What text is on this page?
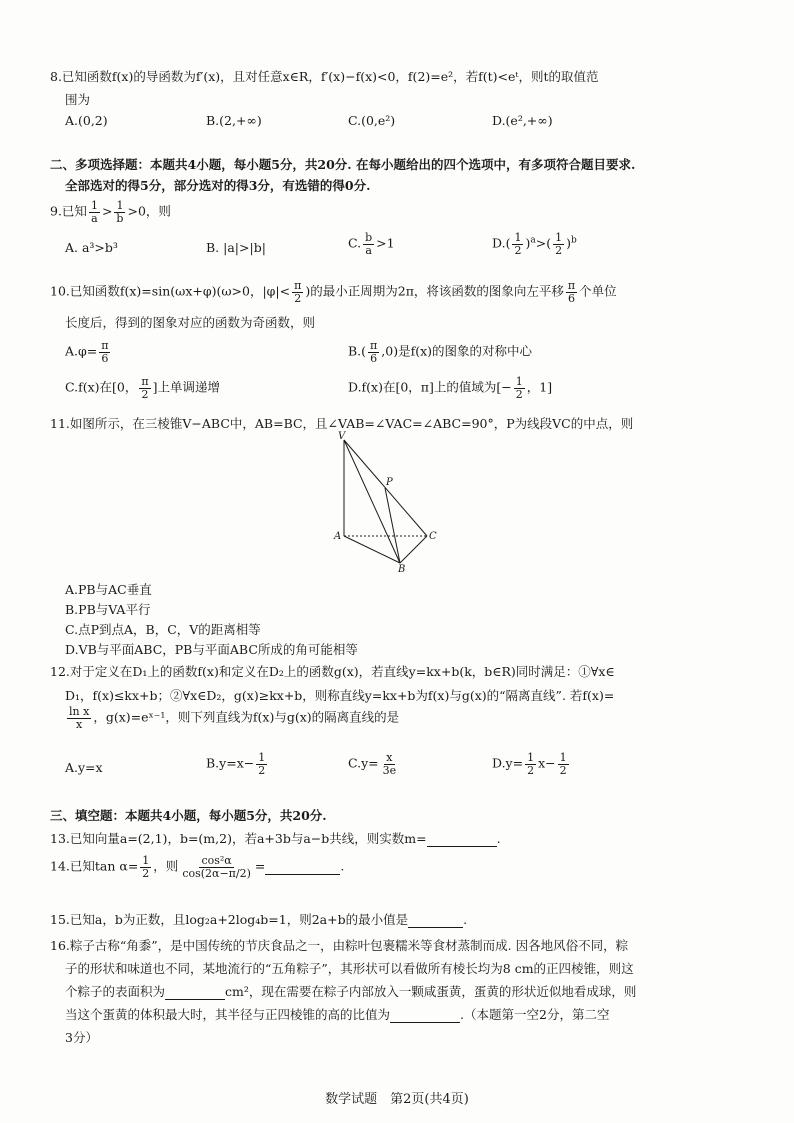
8.已知函数f(x)的导函数为f′(x)，且对任意x∈R，f′(x)−f(x)<0，f(2)=e²，若f(t)<eᵗ，则t的取值范
围为
A.(0,2)	B.(2,+∞)	C.(0,e²)	D.(e²,+∞)
二、多项选择题：本题共4小题，每小题5分，共20分. 在每小题给出的四个选项中，有多项符合题目要求.
全部选对的得5分，部分选对的得3分，有选错的得0分.
9.已知 $\frac{1}{a} > \frac{1}{b} >0$，则
A. a³>b³	B. |a|>|b|	C. $\frac{b}{a} >1$	$D.( \frac{1}{2} )^a>( \frac{1}{2} )^b$
10.已知函数f(x)=sin(ωx+φ)(ω>0，$|\varphi|< \frac{\pi}{2}$ )的最小正周期为2π，将该函数的图象向左平移 $\frac{\pi}{6}$ 个单位
长度后，得到的图象对应的函数为奇函数，则
$A.\varphi= \frac{\pi}{6}$	$B.( \frac{\pi}{6} ,0)$是f(x)的图象的对称中心
C.f(x)在[0， $\frac{\pi}{2}$ ]上单调递增	D.f(x)在[0，π]上的值域为[− $\frac{1}{2}$ ，1]
11.如图所示，在三棱锥V−ABC中，AB=BC，且∠VAB=∠VAC=∠ABC=90°，P为线段VC的中点，则
V
P
A	C
B
A.PB与AC垂直
B.PB与VA平行
C.点P到点A，B，C，V的距离相等
D.VB与平面ABC，PB与平面ABC所成的角可能相等
12.对于定义在D₁上的函数f(x)和定义在D₂上的函数g(x)，若直线y=kx+b(k，b∈R)同时满足：①∀x∈
D₁，f(x)≤kx+b；②∀x∈D₂，g(x)≥kx+b，则称直线y=kx+b为f(x)与g(x)的“隔离直线”. 若f(x)=
$\frac{\text{ln x}}{x}$ ，g(x)=eˣ⁻¹，则下列直线为f(x)与g(x)的隔离直线的是
A.y=x	$B.y=x- \frac{1}{2}$	$C.y= \frac{x}{3e}$	$D.y= \frac{1}{2} x- \frac{1}{2}$
三、填空题：本题共4小题，每小题5分，共20分.
13.已知向量a=(2,1)，b=(m,2)，若a+3b与a−b共线，则实数m=	.
14.已知$\tan \alpha= \frac{1}{2}$ ，则 $\frac{\text{cos²α}}{\cos(2\alpha-\pi/2)}$ =	.
15.已知a，b为正数，且log₂a+2log₄b=1，则2a+b的最小值是	.
16.粽子古称“角黍”，是中国传统的节庆食品之一，由粽叶包裹糯米等食材蒸制而成. 因各地风俗不同，粽
子的形状和味道也不同，某地流行的“五角粽子”，其形状可以看做所有棱长均为8 cm的正四棱锥，则这
个粽子的表面积为	cm²，现在需要在粽子内部放入一颗咸蛋黄，蛋黄的形状近似地看成球，则
当这个蛋黄的体积最大时，其半径与正四棱锥的高的比值为	.（本题第一空2分，第二空
3分）
数学试题　第2页(共4页)
